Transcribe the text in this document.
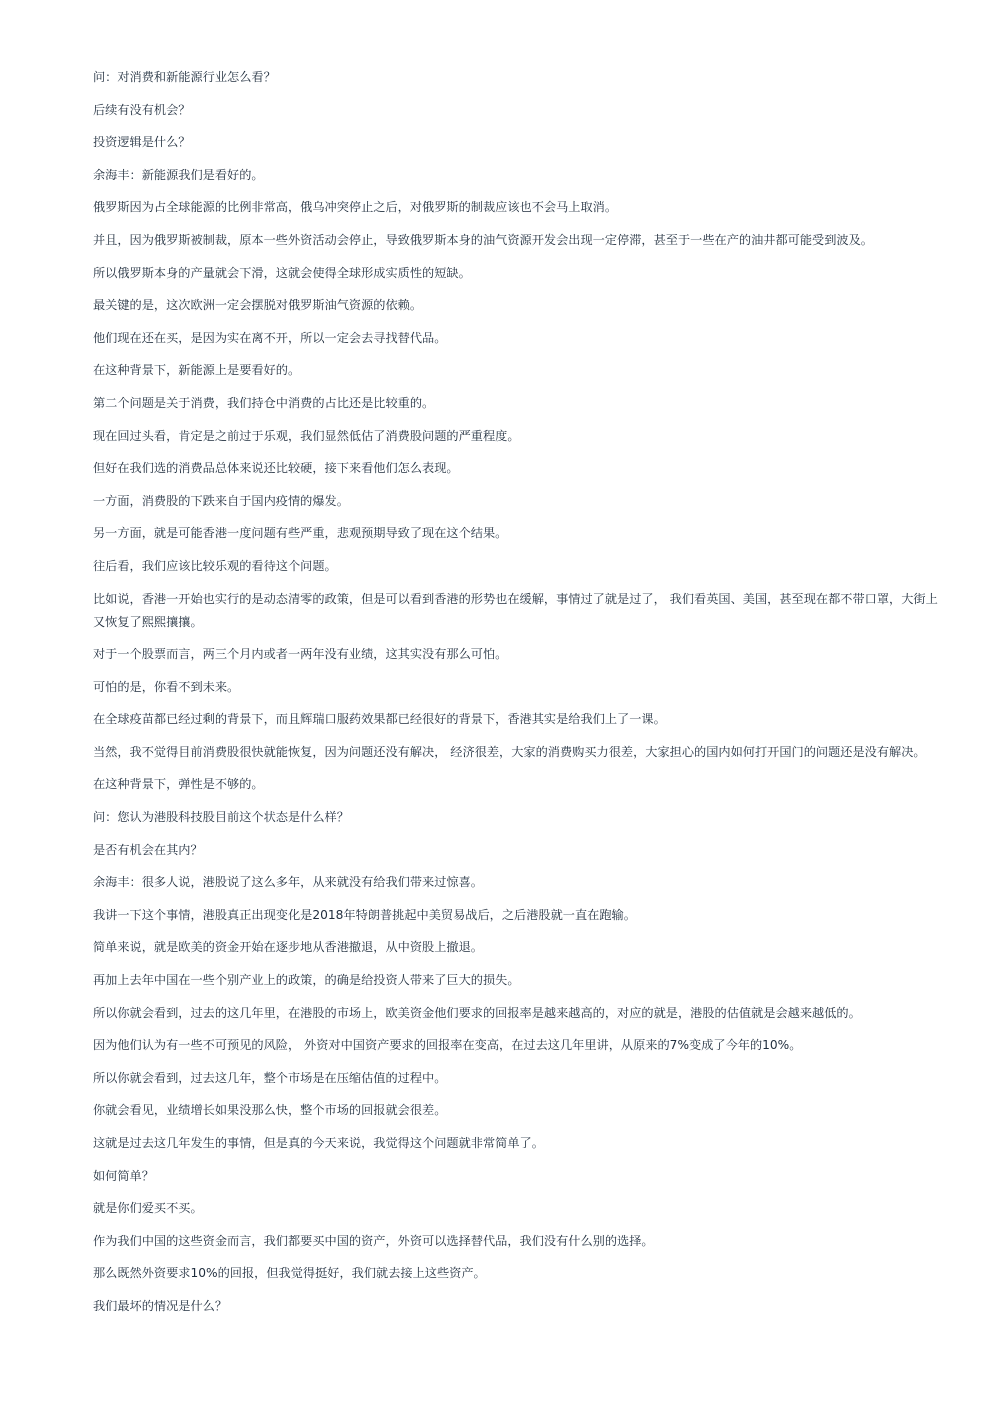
问：对消费和新能源行业怎么看？

后续有没有机会？

投资逻辑是什么？

余海丰：新能源我们是看好的。

俄罗斯因为占全球能源的比例非常高，俄乌冲突停止之后，对俄罗斯的制裁应该也不会马上取消。

并且，因为俄罗斯被制裁，原本一些外资活动会停止，导致俄罗斯本身的油气资源开发会出现一定停滞，甚至于一些在产的油井都可能受到波及。

所以俄罗斯本身的产量就会下滑，这就会使得全球形成实质性的短缺。

最关键的是，这次欧洲一定会摆脱对俄罗斯油气资源的依赖。

他们现在还在买，是因为实在离不开，所以一定会去寻找替代品。

在这种背景下，新能源上是要看好的。

第二个问题是关于消费，我们持仓中消费的占比还是比较重的。

现在回过头看，肯定是之前过于乐观，我们显然低估了消费股问题的严重程度。

但好在我们选的消费品总体来说还比较硬，接下来看他们怎么表现。

一方面，消费股的下跌来自于国内疫情的爆发。

另一方面，就是可能香港一度问题有些严重，悲观预期导致了现在这个结果。

往后看，我们应该比较乐观的看待这个问题。

比如说，香港一开始也实行的是动态清零的政策，但是可以看到香港的形势也在缓解，事情过了就是过了， 我们看英国、美国，甚至现在都不带口罩，大街上又恢复了熙熙攘攘。

对于一个股票而言，两三个月内或者一两年没有业绩，这其实没有那么可怕。

可怕的是，你看不到未来。

在全球疫苗都已经过剩的背景下，而且辉瑞口服药效果都已经很好的背景下，香港其实是给我们上了一课。

当然，我不觉得目前消费股很快就能恢复，因为问题还没有解决， 经济很差，大家的消费购买力很差，大家担心的国内如何打开国门的问题还是没有解决。

在这种背景下，弹性是不够的。

问：您认为港股科技股目前这个状态是什么样？

是否有机会在其内？

余海丰：很多人说，港股说了这么多年，从来就没有给我们带来过惊喜。

我讲一下这个事情，港股真正出现变化是2018年特朗普挑起中美贸易战后，之后港股就一直在跑输。

简单来说，就是欧美的资金开始在逐步地从香港撤退，从中资股上撤退。

再加上去年中国在一些个别产业上的政策，的确是给投资人带来了巨大的损失。

所以你就会看到，过去的这几年里，在港股的市场上，欧美资金他们要求的回报率是越来越高的，对应的就是，港股的估值就是会越来越低的。

因为他们认为有一些不可预见的风险， 外资对中国资产要求的回报率在变高，在过去这几年里讲，从原来的7%变成了今年的10%。

所以你就会看到，过去这几年，整个市场是在压缩估值的过程中。

你就会看见，业绩增长如果没那么快，整个市场的回报就会很差。

这就是过去这几年发生的事情，但是真的今天来说，我觉得这个问题就非常简单了。

如何简单？

就是你们爱买不买。

作为我们中国的这些资金而言，我们都要买中国的资产，外资可以选择替代品，我们没有什么别的选择。

那么既然外资要求10%的回报，但我觉得挺好，我们就去接上这些资产。

我们最坏的情况是什么？
